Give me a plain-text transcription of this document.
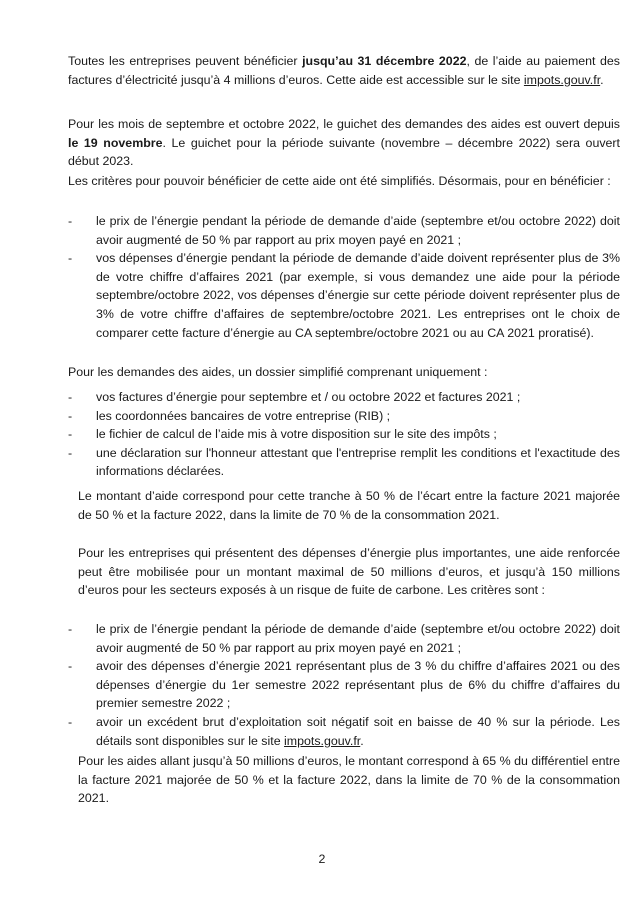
Toutes les entreprises peuvent bénéficier jusqu’au 31 décembre 2022, de l’aide au paiement des factures d’électricité jusqu’à 4 millions d’euros. Cette aide est accessible sur le site impots.gouv.fr.

Pour les mois de septembre et octobre 2022, le guichet des demandes des aides est ouvert depuis le 19 novembre. Le guichet pour la période suivante (novembre – décembre 2022) sera ouvert début 2023.

Les critères pour pouvoir bénéficier de cette aide ont été simplifiés. Désormais, pour en bénéficier :

- le prix de l’énergie pendant la période de demande d’aide (septembre et/ou octobre 2022) doit avoir augmenté de 50 % par rapport au prix moyen payé en 2021 ;
- vos dépenses d’énergie pendant la période de demande d’aide doivent représenter plus de 3% de votre chiffre d’affaires 2021 (par exemple, si vous demandez une aide pour la période septembre/octobre 2022, vos dépenses d’énergie sur cette période doivent représenter plus de 3% de votre chiffre d’affaires de septembre/octobre 2021. Les entreprises ont le choix de comparer cette facture d’énergie au CA septembre/octobre 2021 ou au CA 2021 proratisé).

Pour les demandes des aides, un dossier simplifié comprenant uniquement :

- vos factures d’énergie pour septembre et / ou octobre 2022 et factures 2021 ;
- les coordonnées bancaires de votre entreprise (RIB) ;
- le fichier de calcul de l’aide mis à votre disposition sur le site des impôts ;
- une déclaration sur l'honneur attestant que l'entreprise remplit les conditions et l'exactitude des informations déclarées.

Le montant d’aide correspond pour cette tranche à 50 % de l’écart entre la facture 2021 majorée de 50 % et la facture 2022, dans la limite de 70 % de la consommation 2021.

Pour les entreprises qui présentent des dépenses d’énergie plus importantes, une aide renforcée peut être mobilisée pour un montant maximal de 50 millions d’euros, et jusqu’à 150 millions d’euros pour les secteurs exposés à un risque de fuite de carbone. Les critères sont :

- le prix de l’énergie pendant la période de demande d’aide (septembre et/ou octobre 2022) doit avoir augmenté de 50 % par rapport au prix moyen payé en 2021 ;
- avoir des dépenses d’énergie 2021 représentant plus de 3 % du chiffre d’affaires 2021 ou des dépenses d’énergie du 1er semestre 2022 représentant plus de 6% du chiffre d’affaires du premier semestre 2022 ;
- avoir un excédent brut d’exploitation soit négatif soit en baisse de 40 % sur la période. Les détails sont disponibles sur le site impots.gouv.fr.

Pour les aides allant jusqu’à 50 millions d’euros, le montant correspond à 65 % du différentiel entre la facture 2021 majorée de 50 % et la facture 2022, dans la limite de 70 % de la consommation 2021.

2
